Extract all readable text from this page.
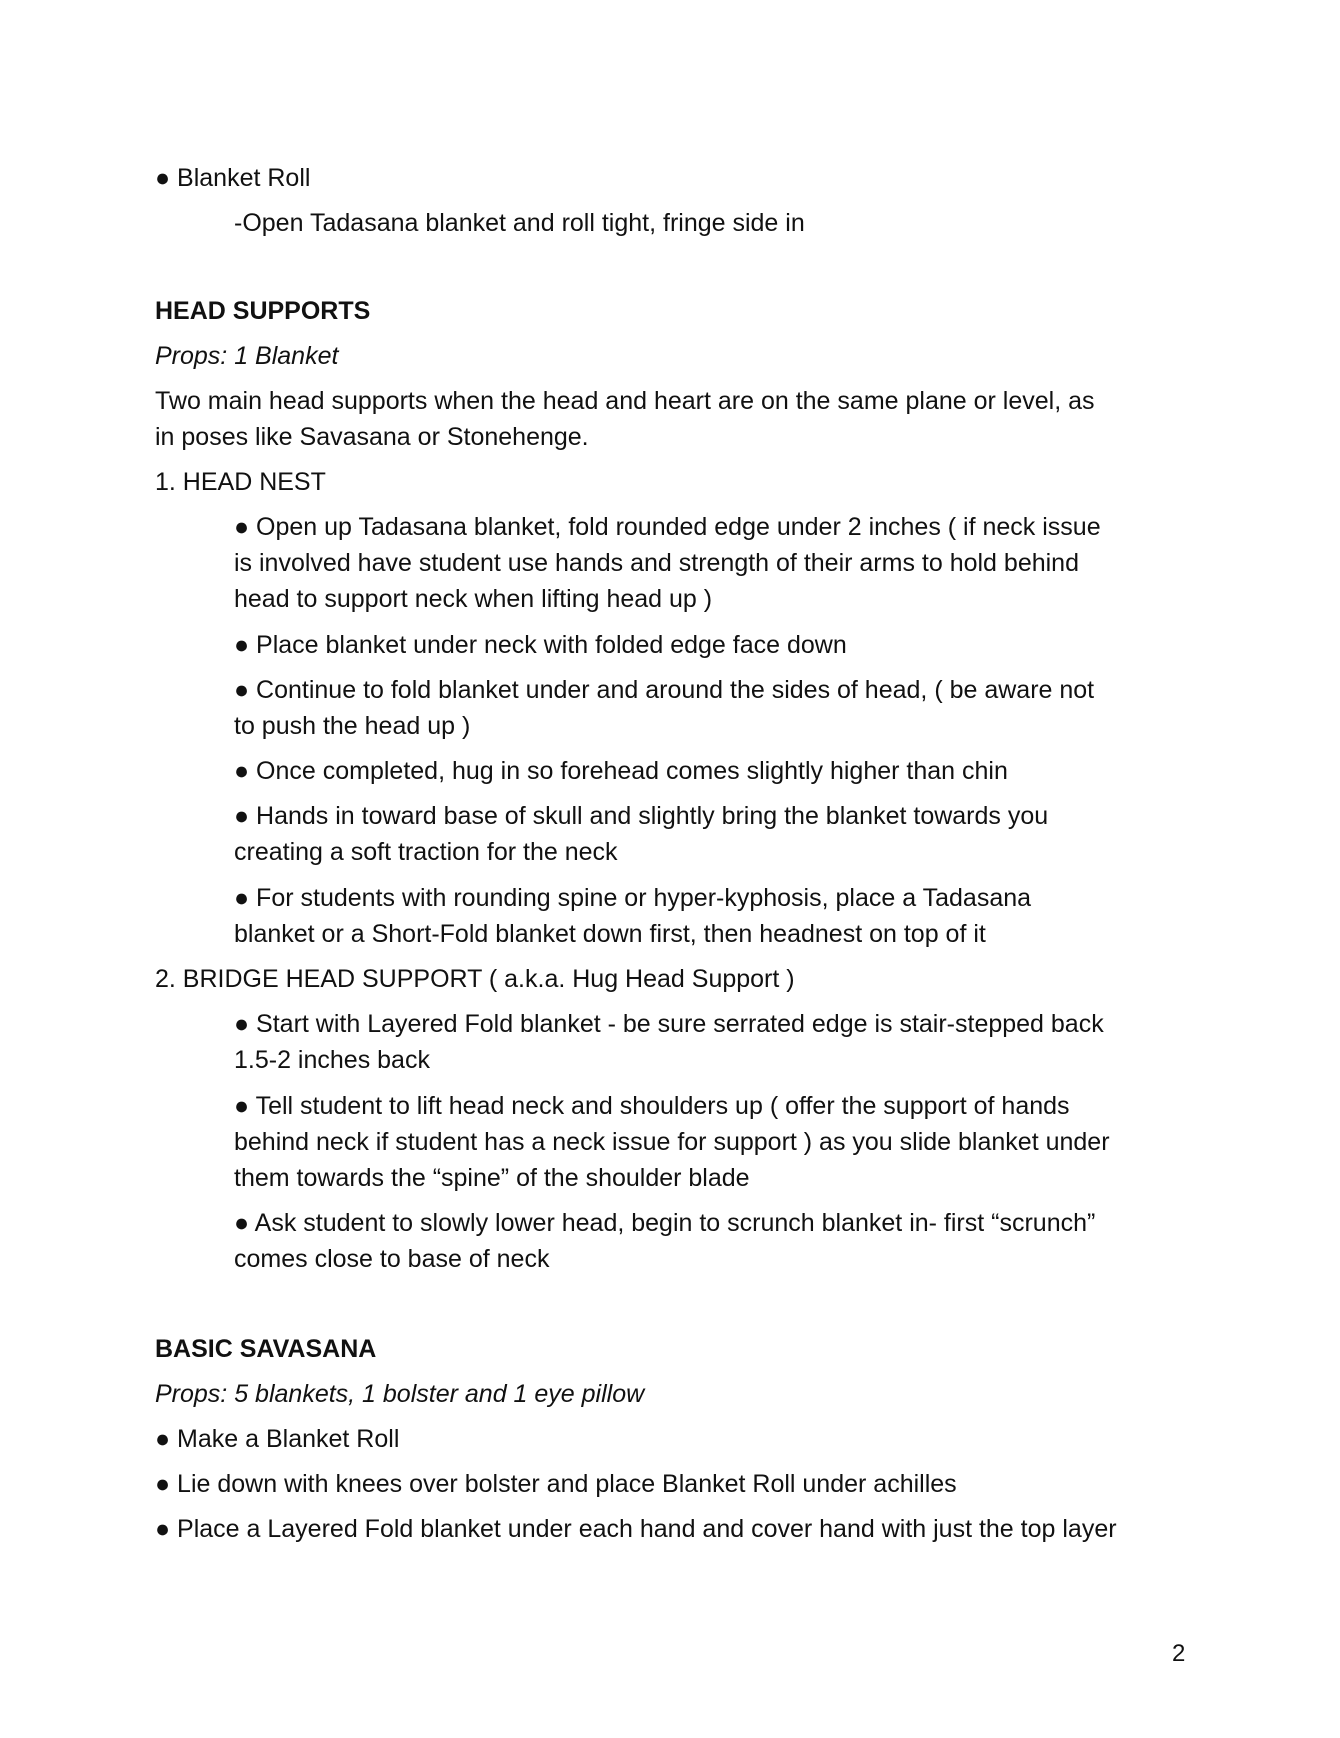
● Blanket Roll
-Open Tadasana blanket and roll tight, fringe side in
HEAD SUPPORTS
Props: 1 Blanket
Two main head supports when the head and heart are on the same plane or level, as
in poses like Savasana or Stonehenge.
1. HEAD NEST
● Open up Tadasana blanket, fold rounded edge under 2 inches ( if neck issue
is involved have student use hands and strength of their arms to hold behind
head to support neck when lifting head up )
● Place blanket under neck with folded edge face down
● Continue to fold blanket under and around the sides of head, ( be aware not
to push the head up )
● Once completed, hug in so forehead comes slightly higher than chin
● Hands in toward base of skull and slightly bring the blanket towards you
creating a soft traction for the neck
● For students with rounding spine or hyper-kyphosis, place a Tadasana
blanket or a Short-Fold blanket down first, then headnest on top of it
2. BRIDGE HEAD SUPPORT ( a.k.a. Hug Head Support )
● Start with Layered Fold blanket - be sure serrated edge is stair-stepped back
1.5-2 inches back
● Tell student to lift head neck and shoulders up ( offer the support of hands
behind neck if student has a neck issue for support ) as you slide blanket under
them towards the “spine” of the shoulder blade
● Ask student to slowly lower head, begin to scrunch blanket in- first “scrunch”
comes close to base of neck
BASIC SAVASANA
Props: 5 blankets, 1 bolster and 1 eye pillow
● Make a Blanket Roll
● Lie down with knees over bolster and place Blanket Roll under achilles
● Place a Layered Fold blanket under each hand and cover hand with just the top layer
2
